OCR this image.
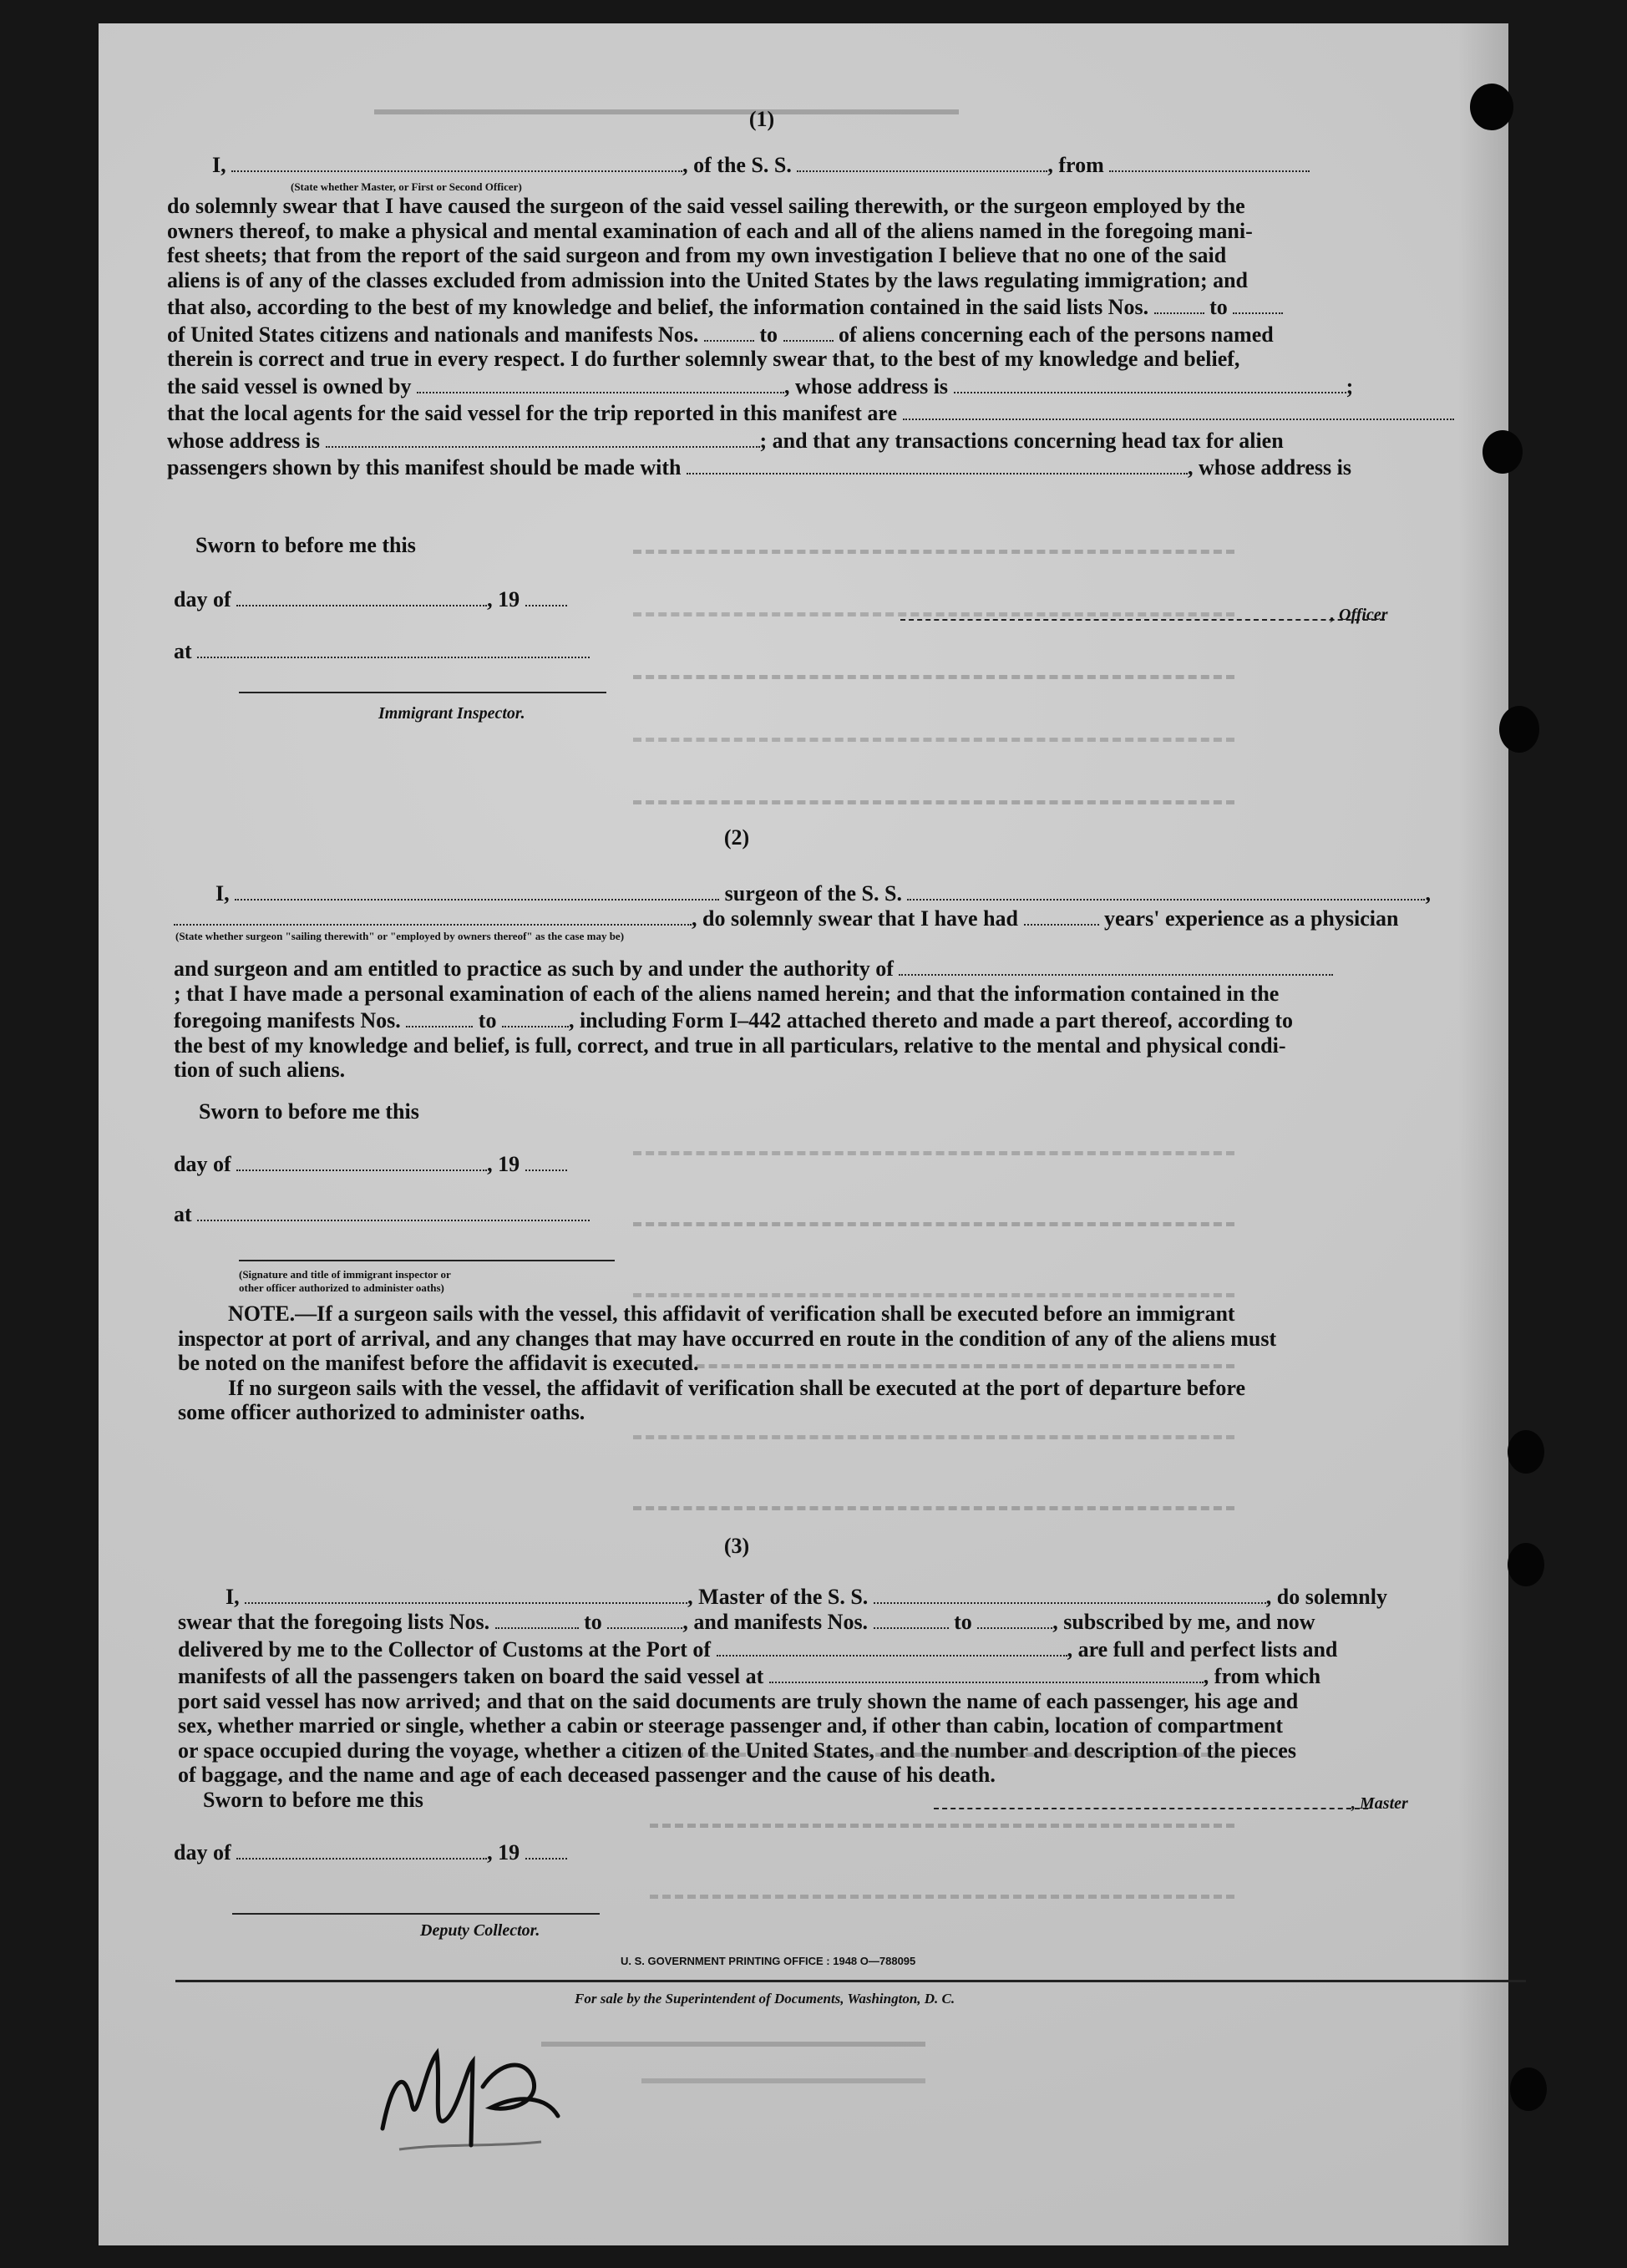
(1)
I,	, of the S. S.	, from
(State whether Master, or First or Second Officer)
do solemnly swear that I have caused the surgeon of the said vessel sailing therewith, or the surgeon employed by the
owners thereof, to make a physical and mental examination of each and all of the aliens named in the foregoing mani-
fest sheets; that from the report of the said surgeon and from my own investigation I believe that no one of the said
aliens is of any of the classes excluded from admission into the United States by the laws regulating immigration; and
that also, according to the best of my knowledge and belief, the information contained in the said lists Nos.	to
of United States citizens and nationals and manifests Nos.	to	of aliens concerning each of the persons named
therein is correct and true in every respect. I do further solemnly swear that, to the best of my knowledge and belief,
the said vessel is owned by	, whose address is	;
that the local agents for the said vessel for the trip reported in this manifest are
whose address is	; and that any transactions concerning head tax for alien
passengers shown by this manifest should be made with	, whose address is
Sworn to before me this
day of	, 19
at
Immigrant Inspector.
, Officer
(2)
I,	surgeon of the S. S.	,
, do solemnly swear that I have had	years' experience as a physician
(State whether surgeon "sailing therewith" or "employed by owners thereof" as the case may be)
and surgeon and am entitled to practice as such by and under the authority of
; that I have made a personal examination of each of the aliens named herein; and that the information contained in the
foregoing manifests Nos.	to	, including Form I–442 attached thereto and made a part thereof, according to
the best of my knowledge and belief, is full, correct, and true in all particulars, relative to the mental and physical condi-
tion of such aliens.
Sworn to before me this
day of	, 19
at
(Signature and title of immigrant inspector or
other officer authorized to administer oaths)
NOTE.—If a surgeon sails with the vessel, this affidavit of verification shall be executed before an immigrant
inspector at port of arrival, and any changes that may have occurred en route in the condition of any of the aliens must
be noted on the manifest before the affidavit is executed.
If no surgeon sails with the vessel, the affidavit of verification shall be executed at the port of departure before
some officer authorized to administer oaths.
(3)
I,	, Master of the S. S.	, do solemnly
swear that the foregoing lists Nos.	to	, and manifests Nos.	to	, subscribed by me, and now
delivered by me to the Collector of Customs at the Port of	, are full and perfect lists and
manifests of all the passengers taken on board the said vessel at	, from which
port said vessel has now arrived; and that on the said documents are truly shown the name of each passenger, his age and
sex, whether married or single, whether a cabin or steerage passenger and, if other than cabin, location of compartment
or space occupied during the voyage, whether a citizen of the United States, and the number and description of the pieces
of baggage, and the name and age of each deceased passenger and the cause of his death.
Sworn to before me this	, Master
day of	, 19
Deputy Collector.
U. S. GOVERNMENT PRINTING OFFICE : 1948 O—788095
For sale by the Superintendent of Documents, Washington, D. C.
